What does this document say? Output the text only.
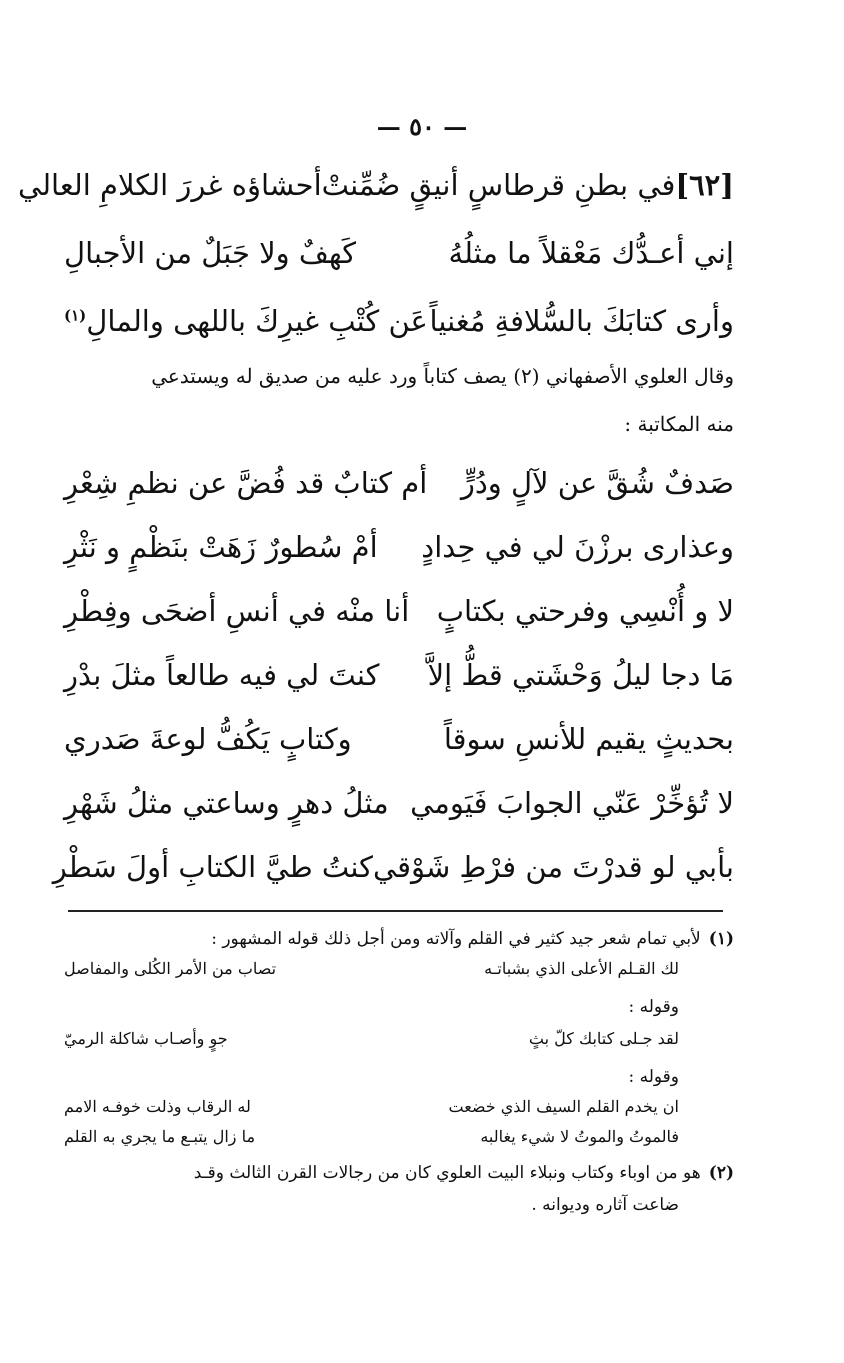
— ٥٠ —
[٦٢]في بطنِ قرطاسٍ أنيقٍ ضُمِّنتْ
أحشاؤه غررَ الكلامِ العالي
إني أعـدُّك مَعْقلاً ما مثلُهُ
كَهفٌ ولا جَبَلٌ من الأجبالِ
وأرى كتابَكَ بالسُّلافةِ مُغنياً
عَن كُتْبِ غيرِكَ باللهى والمالِ$^{(١)}$
وقال العلوي الأصفهاني (٢) يصف كتاباً ورد عليه من صديق له ويستدعي
منه المكاتبة :
صَدفٌ شُقَّ عن لآلٍ ودُرٍّ
أم كتابٌ قد فُضَّ عن نظمِ شِعْرِ
وعذارى برزْنَ لي في حِدادٍ
أمْ سُطورٌ زَهَتْ بنَظْمٍ و نَثْرِ
لا و أُنْسِي وفرحتي بكتابٍ
أنا منْه في أنسِ أضحَى وفِطْرِ
مَا دجا ليلُ وَحْشَتي قطُّ إلاَّ
كنتَ لي فيه طالعاً مثلَ بدْرِ
بحديثٍ يقيم للأنسِ سوقاً
وكتابٍ يَكُفُّ لوعةَ صَدري
لا تُؤخِّرْ عَنّي الجوابَ فَيَومي
مثلُ دهرٍ وساعتي مثلُ شَهْرِ
بأبي لو قدرْتَ من فرْطِ شَوْقي
كنتُ طيَّ الكتابِ أولَ سَطْرِ
(١)لأبي تمام شعر جيد كثير في القلم وآلاته ومن أجل ذلك قوله المشهور :
لك القـلم الأعلى الذي بشباتـه
تصاب من الأمر الكُلى والمفاصل
وقوله :
لقد جـلى كتابك كلّ بثٍ
جوٍ وأصـاب شاكلة الرميّ
وقوله :
ان يخدم القلم السيف الذي خضعت
له الرقاب وذلت خوفـه الامم
فالموتُ والموتُ لا شيء يغالبه
ما زال يتبـع ما يجري به القلم
(٢)هو من اوباء وكتاب ونبلاء البيت العلوي كان من رجالات القرن الثالث وقـد
ضاعت آثاره وديوانه .
